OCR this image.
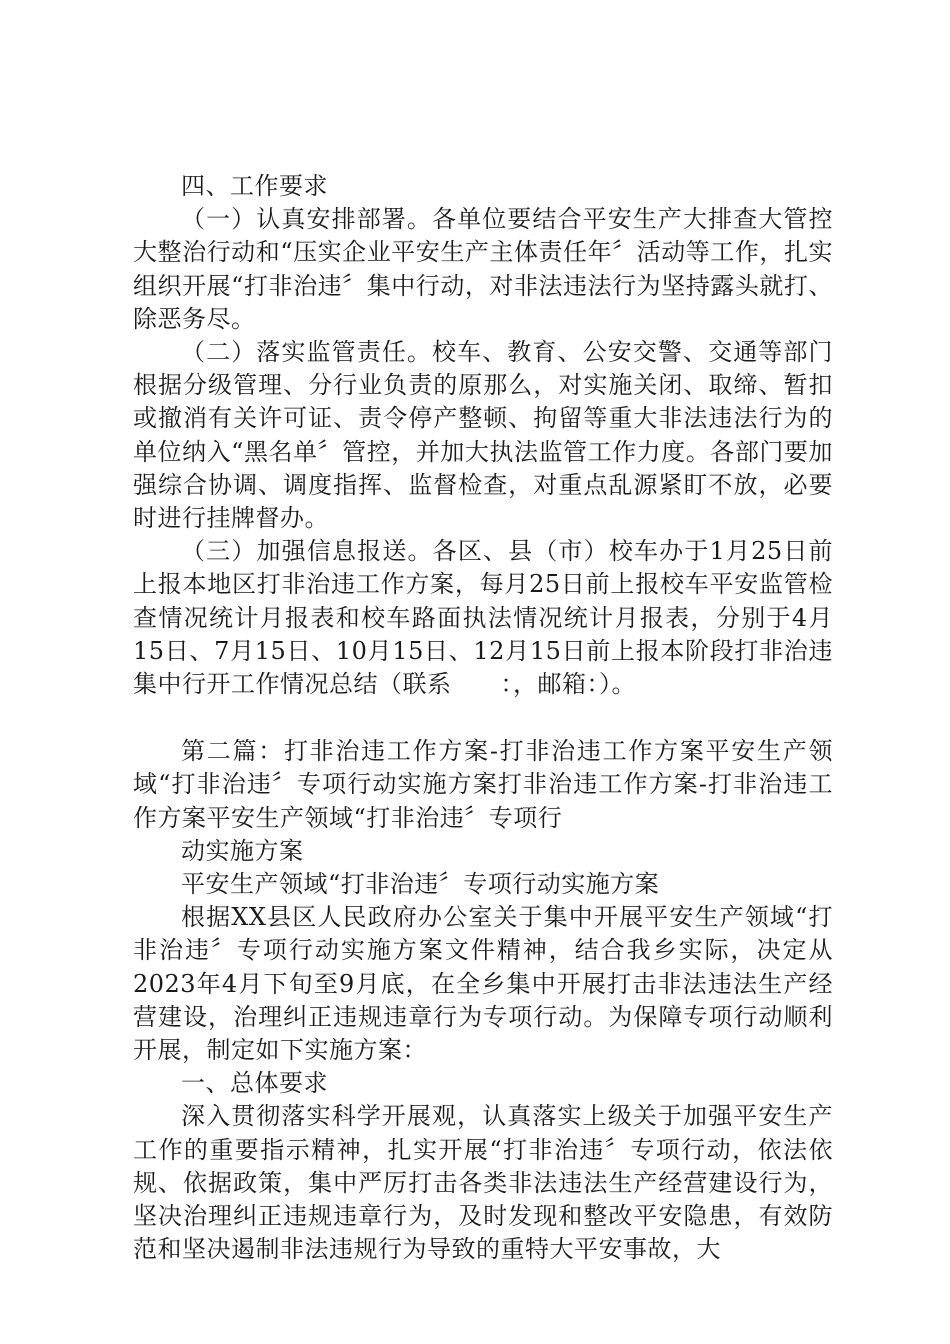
四、工作要求

（一）认真安排部署。各单位要结合平安生产大排查大管控大整治行动和“压实企业平安生产主体责任年〞活动等工作，扎实组织开展“打非治违〞集中行动，对非法违法行为坚持露头就打、除恶务尽。

（二）落实监管责任。校车、教育、公安交警、交通等部门根据分级管理、分行业负责的原那么，对实施关闭、取缔、暂扣或撤消有关许可证、责令停产整顿、拘留等重大非法违法行为的单位纳入“黑名单〞管控，并加大执法监管工作力度。各部门要加强综合协调、调度指挥、监督检查，对重点乱源紧盯不放，必要时进行挂牌督办。

（三）加强信息报送。各区、县（市）校车办于1月25日前上报本地区打非治违工作方案，每月25日前上报校车平安监管检查情况统计月报表和校车路面执法情况统计月报表，分别于4月15日、7月15日、10月15日、12月15日前上报本阶段打非治违集中行开工作情况总结（联系　　：，邮箱：）。

第二篇：打非治违工作方案-打非治违工作方案平安生产领域“打非治违〞专项行动实施方案打非治违工作方案-打非治违工作方案平安生产领域“打非治违〞专项行

动实施方案

平安生产领域“打非治违〞专项行动实施方案

根据XX县区人民政府办公室关于集中开展平安生产领域“打非治违〞专项行动实施方案文件精神，结合我乡实际，决定从2023年4月下旬至9月底，在全乡集中开展打击非法违法生产经营建设，治理纠正违规违章行为专项行动。为保障专项行动顺利开展，制定如下实施方案：

一、总体要求

深入贯彻落实科学开展观，认真落实上级关于加强平安生产工作的重要指示精神，扎实开展“打非治违〞专项行动，依法依规、依据政策，集中严厉打击各类非法违法生产经营建设行为，坚决治理纠正违规违章行为，及时发现和整改平安隐患，有效防范和坚决遏制非法违规行为导致的重特大平安事故，大
